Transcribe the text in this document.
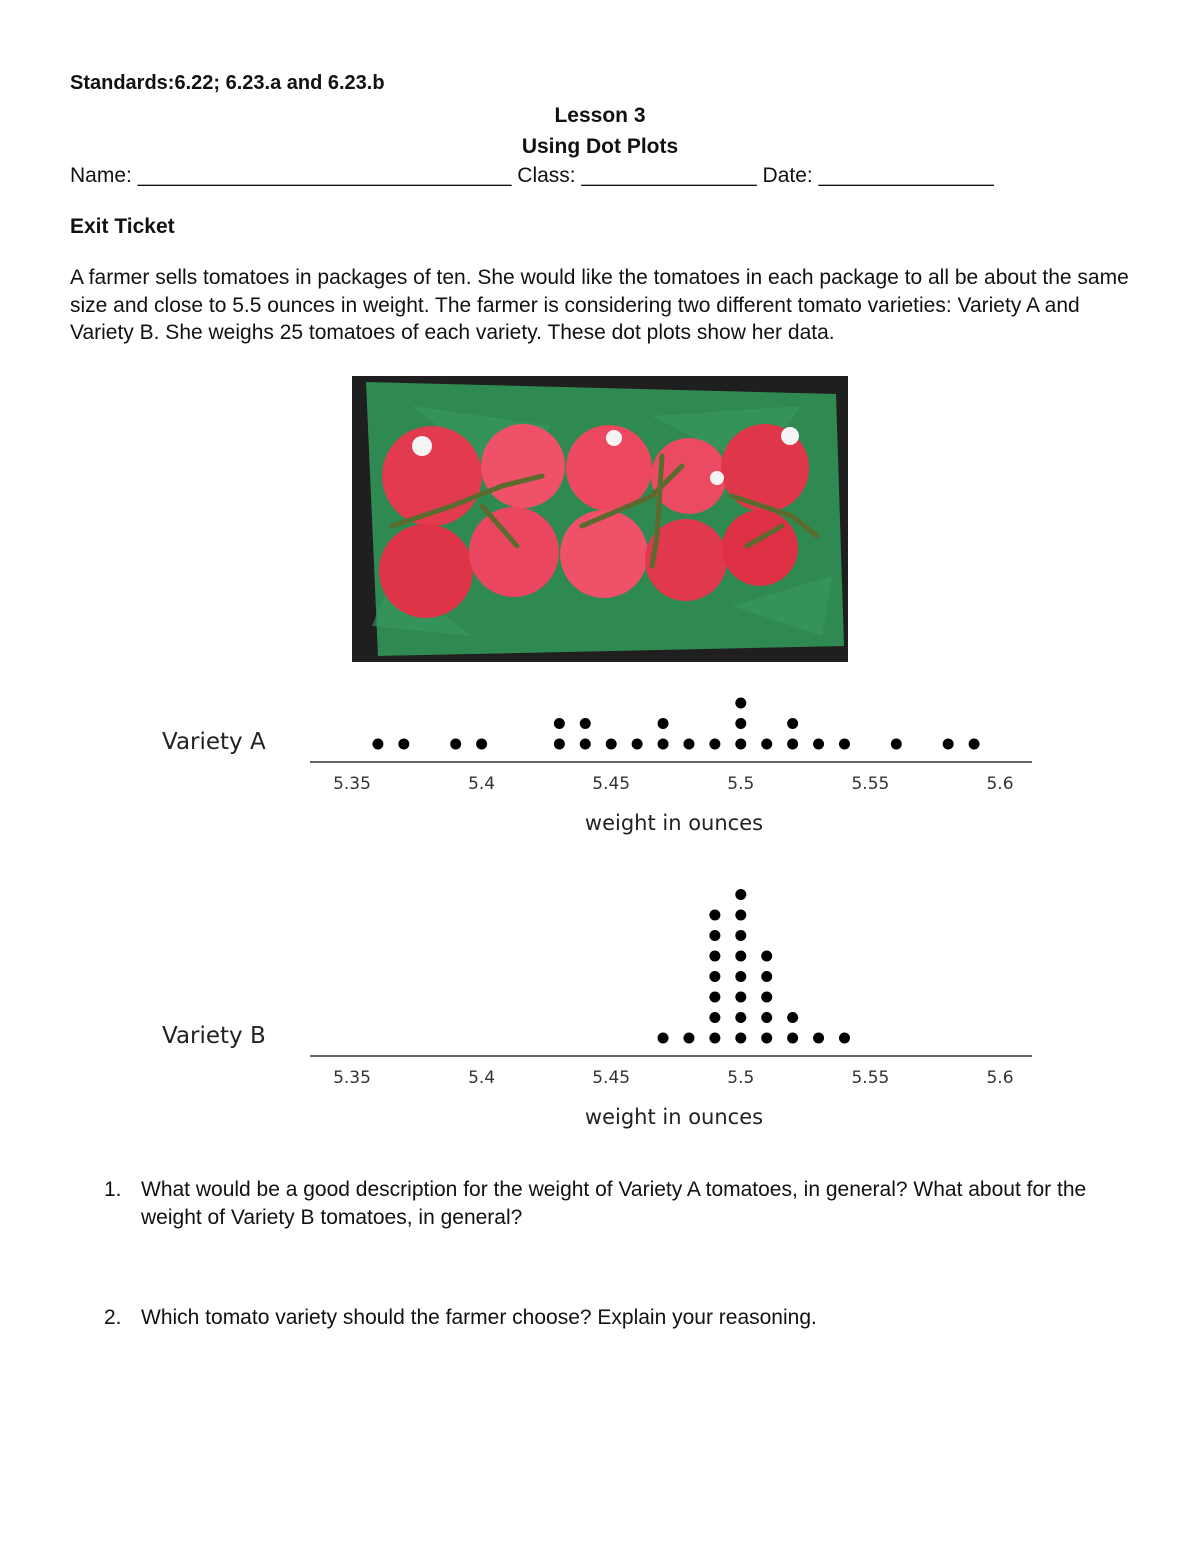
Standards:6.22; 6.23.a and 6.23.b
Lesson 3
Using Dot Plots
Name: ________________________________ Class: _______________ Date: _______________
Exit Ticket
A farmer sells tomatoes in packages of ten. She would like the tomatoes in each package to all be about the same size and close to 5.5 ounces in weight. The farmer is considering two different tomato varieties: Variety A and Variety B. She weighs 25 tomatoes of each variety. These dot plots show her data.
Variety A
5.35	5.4	5.45	5.5	5.55	5.6
weight in ounces
Variety B
5.35	5.4	5.45	5.5	5.55	5.6
weight in ounces
1. What would be a good description for the weight of Variety A tomatoes, in general? What about for the weight of Variety B tomatoes, in general?
2. Which tomato variety should the farmer choose? Explain your reasoning.
